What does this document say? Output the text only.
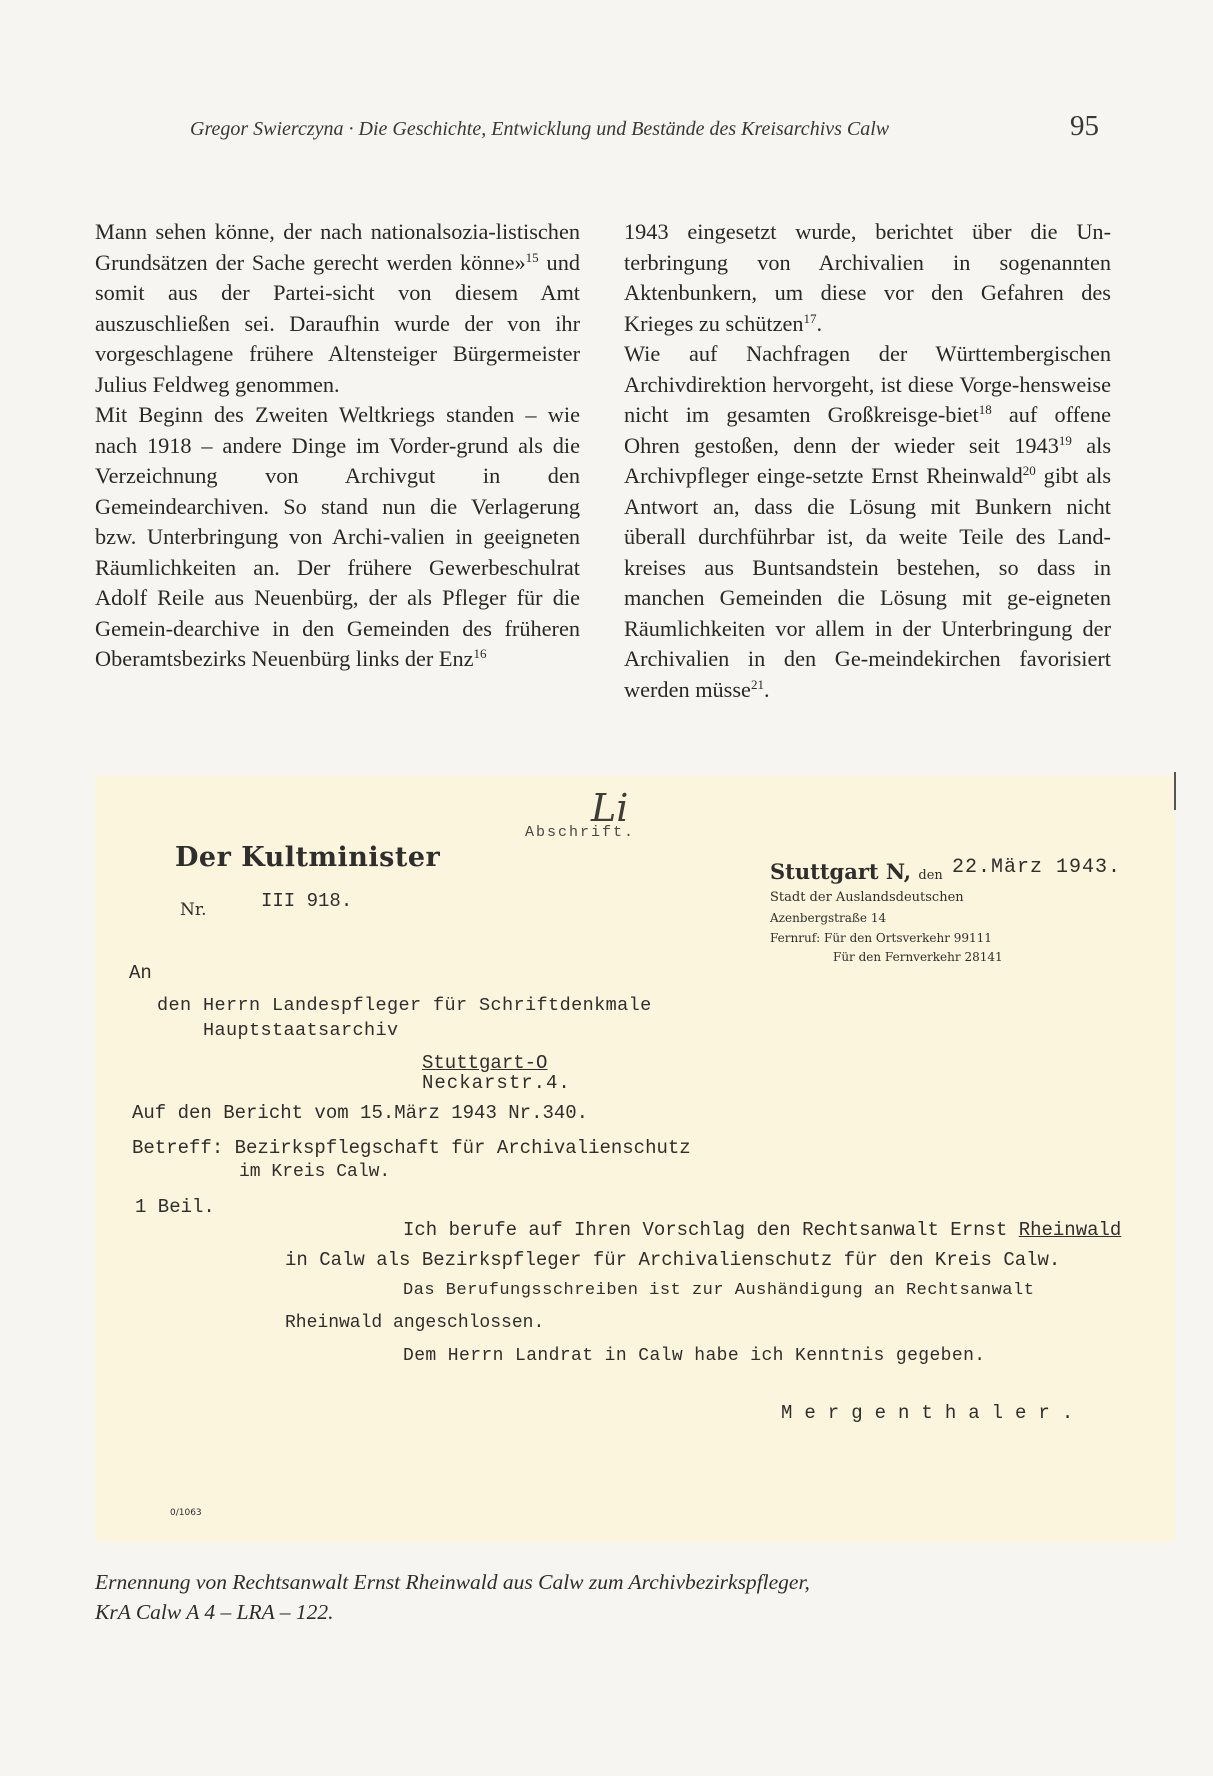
Gregor Swierczyna · Die Geschichte, Entwicklung und Bestände des Kreisarchivs Calw	95

Mann sehen könne, der nach nationalsozia-listischen Grundsätzen der Sache gerecht werden könne»$^{15}$ und somit aus der Partei-sicht von diesem Amt auszuschließen sei. Daraufhin wurde der von ihr vorgeschlagene frühere Altensteiger Bürgermeister Julius Feldweg genommen.

Mit Beginn des Zweiten Weltkriegs standen – wie nach 1918 – andere Dinge im Vorder-grund als die Verzeichnung von Archivgut in den Gemeindearchiven. So stand nun die Verlagerung bzw. Unterbringung von Archi-valien in geeigneten Räumlichkeiten an. Der frühere Gewerbeschulrat Adolf Reile aus Neuenbürg, der als Pfleger für die Gemein-dearchive in den Gemeinden des früheren Oberamtsbezirks Neuenbürg links der Enz$^{16}$

1943 eingesetzt wurde, berichtet über die Un-terbringung von Archivalien in sogenannten Aktenbunkern, um diese vor den Gefahren des Krieges zu schützen$^{17}$.

Wie auf Nachfragen der Württembergischen Archivdirektion hervorgeht, ist diese Vorge-hensweise nicht im gesamten Großkreisge-biet$^{18}$ auf offene Ohren gestoßen, denn der wieder seit 1943$^{19}$ als Archivpfleger einge-setzte Ernst Rheinwald$^{20}$ gibt als Antwort an, dass die Lösung mit Bunkern nicht überall durchführbar ist, da weite Teile des Land-kreises aus Buntsandstein bestehen, so dass in manchen Gemeinden die Lösung mit ge-eigneten Räumlichkeiten vor allem in der Unterbringung der Archivalien in den Ge-meindekirchen favorisiert werden müsse$^{21}$.

Li
Abschrift.
Der Kultminister
Nr.	III 918.
Stuttgart N, den 22.März 1943.
Stadt der Auslandsdeutschen
Azenbergstraße 14
Fernruf: Für den Ortsverkehr 99111
Für den Fernverkehr 28141
An
den Herrn Landespfleger für Schriftdenkmale
Hauptstaatsarchiv
Stuttgart-O
Neckarstr.4.
Auf den Bericht vom 15.März 1943 Nr.340.
Betreff: Bezirkspflegschaft für Archivalienschutz
im Kreis Calw.
1 Beil.
Ich berufe auf Ihren Vorschlag den Rechtsanwalt Ernst Rheinwald
in Calw als Bezirkspfleger für Archivalienschutz für den Kreis Calw.
Das Berufungsschreiben ist zur Aushändigung an Rechtsanwalt
Rheinwald angeschlossen.
Dem Herrn Landrat in Calw habe ich Kenntnis gegeben.
Mergenthaler.
0/1063
Ernennung von Rechtsanwalt Ernst Rheinwald aus Calw zum Archivbezirkspfleger,
KrA Calw A 4 – LRA – 122.
